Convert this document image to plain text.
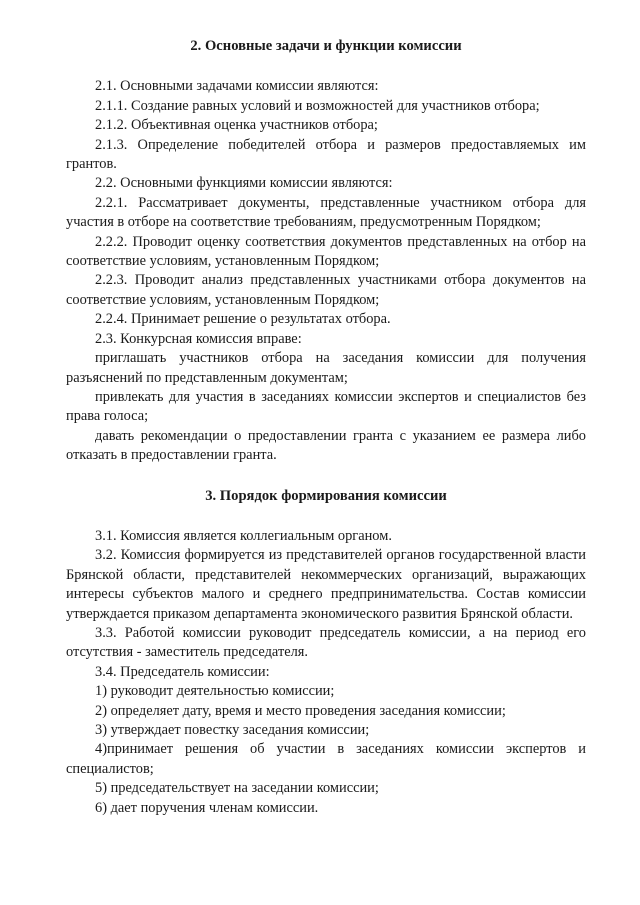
2. Основные задачи и функции комиссии

2.1. Основными задачами комиссии являются:

2.1.1. Создание равных условий и возможностей для участников отбора;

2.1.2. Объективная оценка участников отбора;

2.1.3. Определение победителей отбора и размеров предоставляемых им грантов.

2.2. Основными функциями комиссии являются:

2.2.1. Рассматривает документы, представленные участником отбора для участия в отборе на соответствие требованиям, предусмотренным Порядком;

2.2.2. Проводит оценку соответствия документов представленных на отбор на соответствие условиям, установленным Порядком;

2.2.3. Проводит анализ представленных участниками отбора документов на соответствие условиям, установленным Порядком;

2.2.4. Принимает решение о результатах отбора.

2.3. Конкурсная комиссия вправе:

приглашать участников отбора на заседания комиссии для получения разъяснений по представленным документам;

привлекать для участия в заседаниях комиссии экспертов и специалистов без права голоса;

давать рекомендации о предоставлении гранта с указанием ее размера либо отказать в предоставлении гранта.

3. Порядок формирования комиссии

3.1. Комиссия является коллегиальным органом.

3.2. Комиссия формируется из представителей органов государственной власти Брянской области, представителей некоммерческих организаций, выражающих интересы субъектов малого и среднего предпринимательства. Состав комиссии утверждается приказом департамента экономического развития Брянской области.

3.3. Работой комиссии руководит председатель комиссии, а на период его отсутствия - заместитель председателя.

3.4. Председатель комиссии:

1) руководит деятельностью комиссии;

2) определяет дату, время и место проведения заседания комиссии;

3) утверждает повестку заседания комиссии;

4)принимает решения об участии в заседаниях комиссии экспертов и специалистов;

5) председательствует на заседании комиссии;

6) дает поручения членам комиссии.
